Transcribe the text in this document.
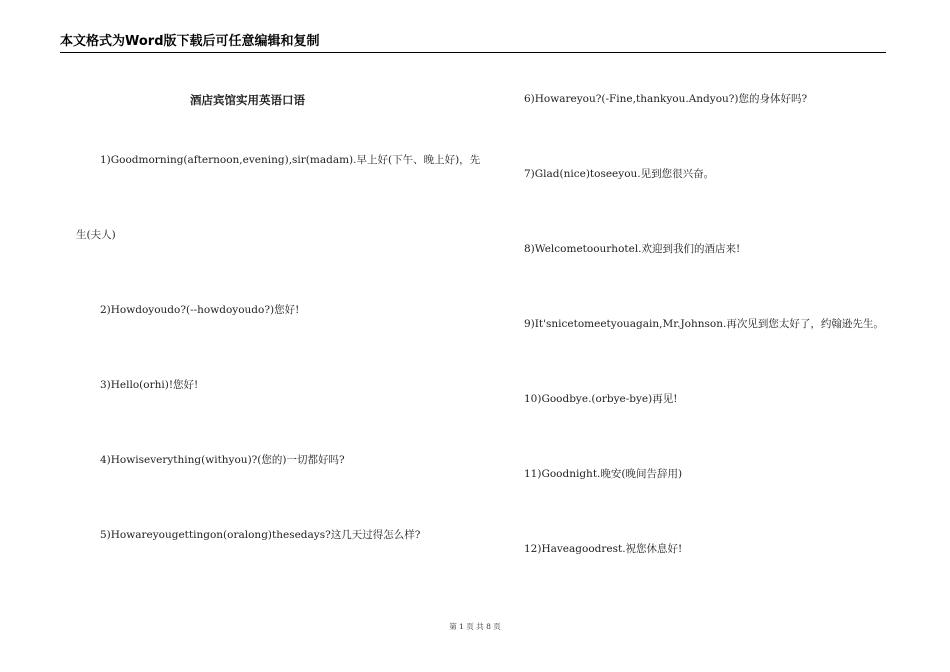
本文格式为Word版下载后可任意编辑和复制
酒店宾馆实用英语口语
1)Goodmorning(afternoon,evening),sir(madam).早上好(下午、晚上好)，先
生(夫人)
2)Howdoyoudo?(--howdoyoudo?)您好!
3)Hello(orhi)!您好!
4)Howiseverything(withyou)?(您的)一切都好吗?
5)Howareyougettingon(oralong)thesedays?这几天过得怎么样?
6)Howareyou?(-Fine,thankyou.Andyou?)您的身体好吗?
7)Glad(nice)toseeyou.见到您很兴奋。
8)Welcometoourhotel.欢迎到我们的酒店来!
9)It'snicetomeetyouagain,Mr.Johnson.再次见到您太好了，约翰逊先生。
10)Goodbye.(orbye-bye)再见!
11)Goodnight.晚安(晚间告辞用)
12)Haveagoodrest.祝您休息好!
第 1 页 共 8 页
